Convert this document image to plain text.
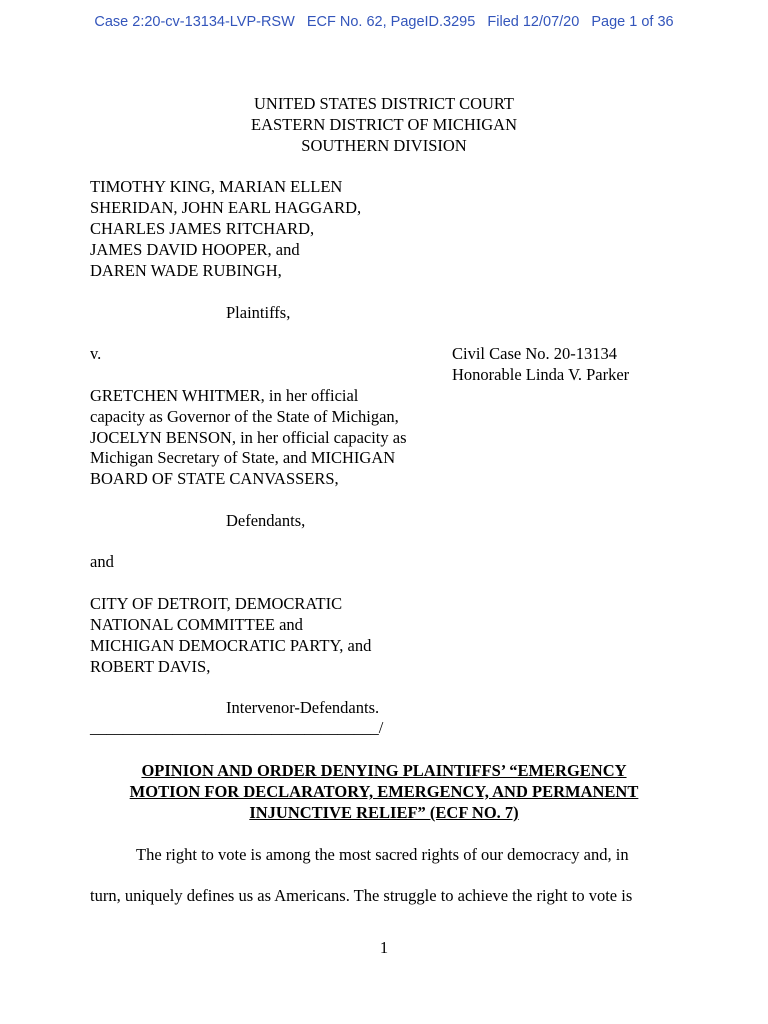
Case 2:20-cv-13134-LVP-RSW   ECF No. 62, PageID.3295   Filed 12/07/20   Page 1 of 36
UNITED STATES DISTRICT COURT
EASTERN DISTRICT OF MICHIGAN
SOUTHERN DIVISION
TIMOTHY KING, MARIAN ELLEN
SHERIDAN, JOHN EARL HAGGARD,
CHARLES JAMES RITCHARD,
JAMES DAVID HOOPER, and
DAREN WADE RUBINGH,
Plaintiffs,
v.	Civil Case No. 20-13134
Honorable Linda V. Parker
GRETCHEN WHITMER, in her official
capacity as Governor of the State of Michigan,
JOCELYN BENSON, in her official capacity as
Michigan Secretary of State, and MICHIGAN
BOARD OF STATE CANVASSERS,
Defendants,
and
CITY OF DETROIT, DEMOCRATIC
NATIONAL COMMITTEE and
MICHIGAN DEMOCRATIC PARTY, and
ROBERT DAVIS,
Intervenor-Defendants.
___________________________________/
OPINION AND ORDER DENYING PLAINTIFFS’ “EMERGENCY
MOTION FOR DECLARATORY, EMERGENCY, AND PERMANENT
INJUNCTIVE RELIEF” (ECF NO. 7)
The right to vote is among the most sacred rights of our democracy and, in
turn, uniquely defines us as Americans. The struggle to achieve the right to vote is
1
